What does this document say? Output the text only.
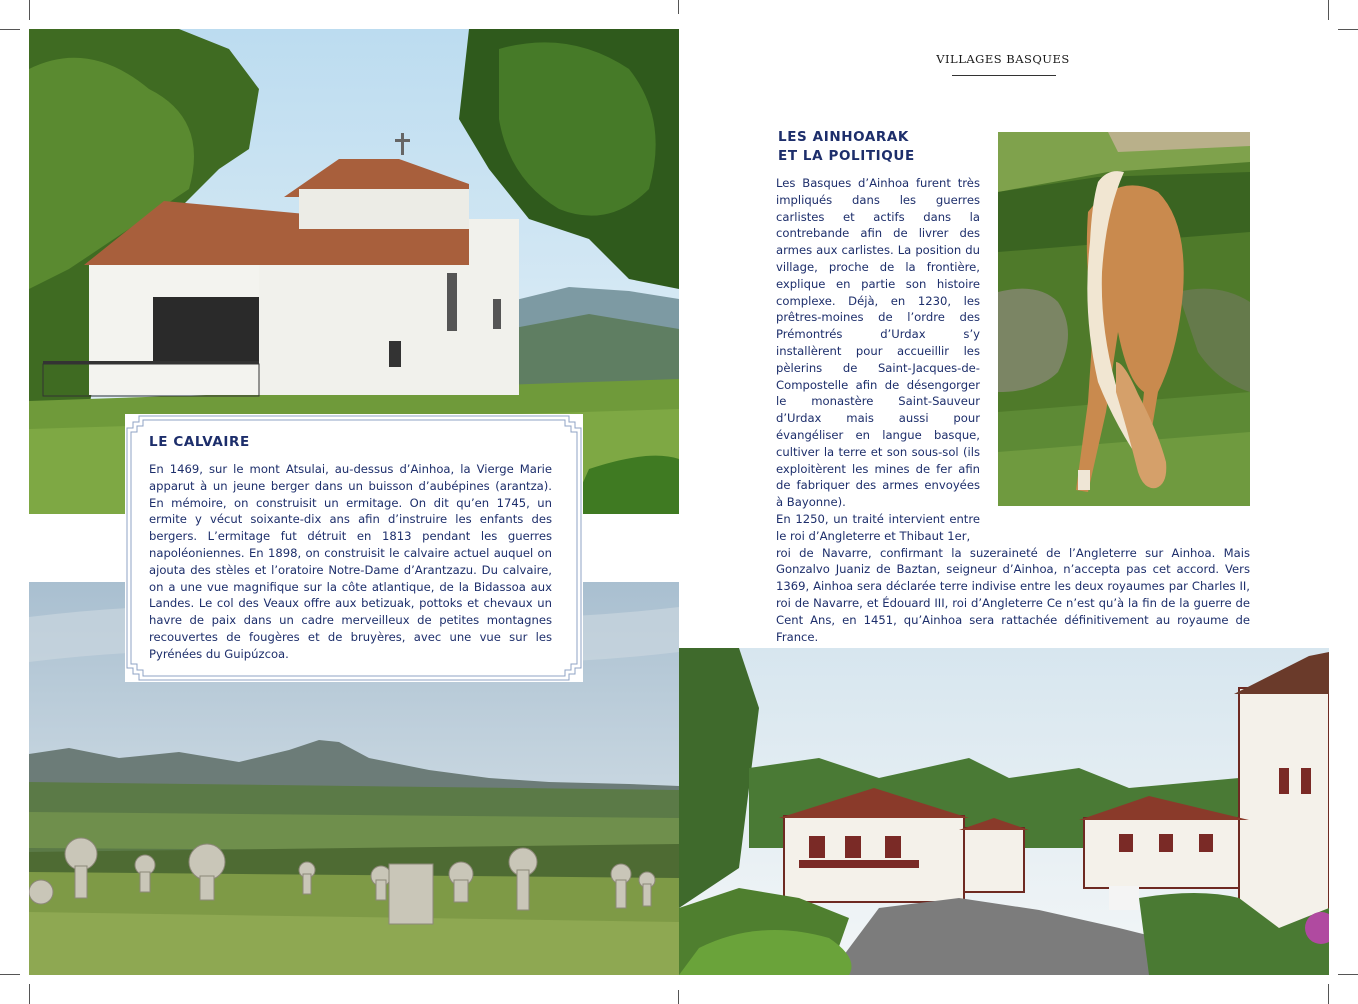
VILLAGES BASQUES
LE CALVAIRE
En 1469, sur le mont Atsulai, au-dessus d’Ainhoa, la Vierge Marie apparut à un jeune berger dans un buisson d’aubépines (arantza). En mémoire, on construisit un ermitage. On dit qu’en 1745, un ermite y vécut soixante-dix ans afin d’instruire les enfants des bergers. L’ermitage fut détruit en 1813 pendant les guerres napoléoniennes. En 1898, on construisit le calvaire actuel auquel on ajouta des stèles et l’oratoire Notre-Dame d’Arantzazu. Du calvaire, on a une vue magnifique sur la côte atlantique, de la Bidassoa aux Landes. Le col des Veaux offre aux betizuak, pottoks et chevaux un havre de paix dans un cadre merveilleux de petites montagnes recouvertes de fougères et de bruyères, avec une vue sur les Pyrénées du Guipúzcoa.
LES AINHOARAK
ET LA POLITIQUE

Les Basques d’Ainhoa furent très impliqués dans les guerres carlistes et actifs dans la contrebande afin de livrer des armes aux carlistes. La position du village, proche de la frontière, explique en partie son histoire complexe. Déjà, en 1230, les prêtres-moines de l’ordre des Prémontrés d’Urdax s’y installèrent pour accueillir les pèlerins de Saint-Jacques-de-Compostelle afin de désengorger le monastère Saint-Sauveur d’Urdax mais aussi pour évangéliser en langue basque, cultiver la terre et son sous-sol (ils exploitèrent les mines de fer afin de fabriquer des armes envoyées à Bayonne).

En 1250, un traité intervient entre le roi d’Angleterre et Thibaut 1er,

roi de Navarre, confirmant la suzeraineté de l’Angleterre sur Ainhoa. Mais Gonzalvo Juaniz de Baztan, seigneur d’Ainhoa, n’accepta pas cet accord. Vers 1369, Ainhoa sera déclarée terre indivise entre les deux royaumes par Charles II, roi de Navarre, et Édouard III, roi d’Angleterre Ce n’est qu’à la fin de la guerre de Cent Ans, en 1451, qu’Ainhoa sera rattachée définitivement au royaume de France.
